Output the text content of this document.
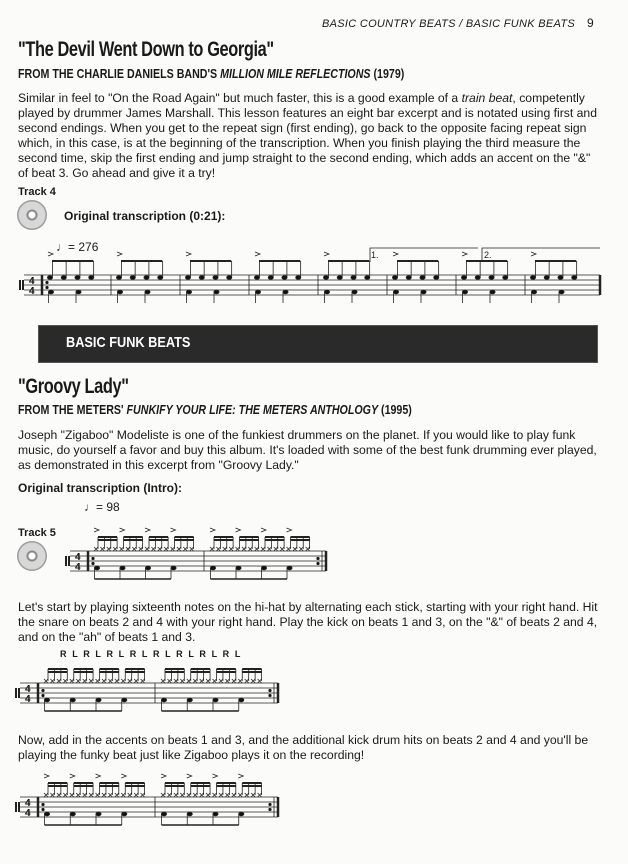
BASIC COUNTRY BEATS / BASIC FUNK BEATS 9
"The Devil Went Down to Georgia"
FROM THE CHARLIE DANIELS BAND'S MILLION MILE REFLECTIONS (1979)
Similar in feel to "On the Road Again" but much faster, this is a good example of a train beat, competently played by drummer James Marshall. This lesson features an eight bar excerpt and is notated using first and second endings. When you get to the repeat sign (first ending), go back to the opposite facing repeat sign which, in this case, is at the beginning of the transcription. When you finish playing the third measure the second time, skip the first ending and jump straight to the second ending, which adds an accent on the "&" of beat 3. Go ahead and give it a try!
Track 4
Original transcription (0:21):
♩= 276
4
4
4
4
4
4
4
4
1.	2.
BASIC FUNK BEATS
"Groovy Lady"
FROM THE METERS' FUNKIFY YOUR LIFE: THE METERS ANTHOLOGY (1995)
Joseph "Zigaboo" Modeliste is one of the funkiest drummers on the planet. If you would like to play funk music, do yourself a favor and buy this album. It's loaded with some of the best funk drumming ever played, as demonstrated in this excerpt from "Groovy Lady."
Original transcription (Intro):
♩= 98
Track 5
Let's start by playing sixteenth notes on the hi-hat by alternating each stick, starting with your right hand. Hit the snare on beats 2 and 4 with your right hand. Play the kick on beats 1 and 3, on the "&" of beats 2 and 4, and on the "ah" of beats 1 and 3.
R L R L R L R L R L R L R L R L
Now, add in the accents on beats 1 and 3, and the additional kick drum hits on beats 2 and 4 and you'll be playing the funky beat just like Zigaboo plays it on the recording!
